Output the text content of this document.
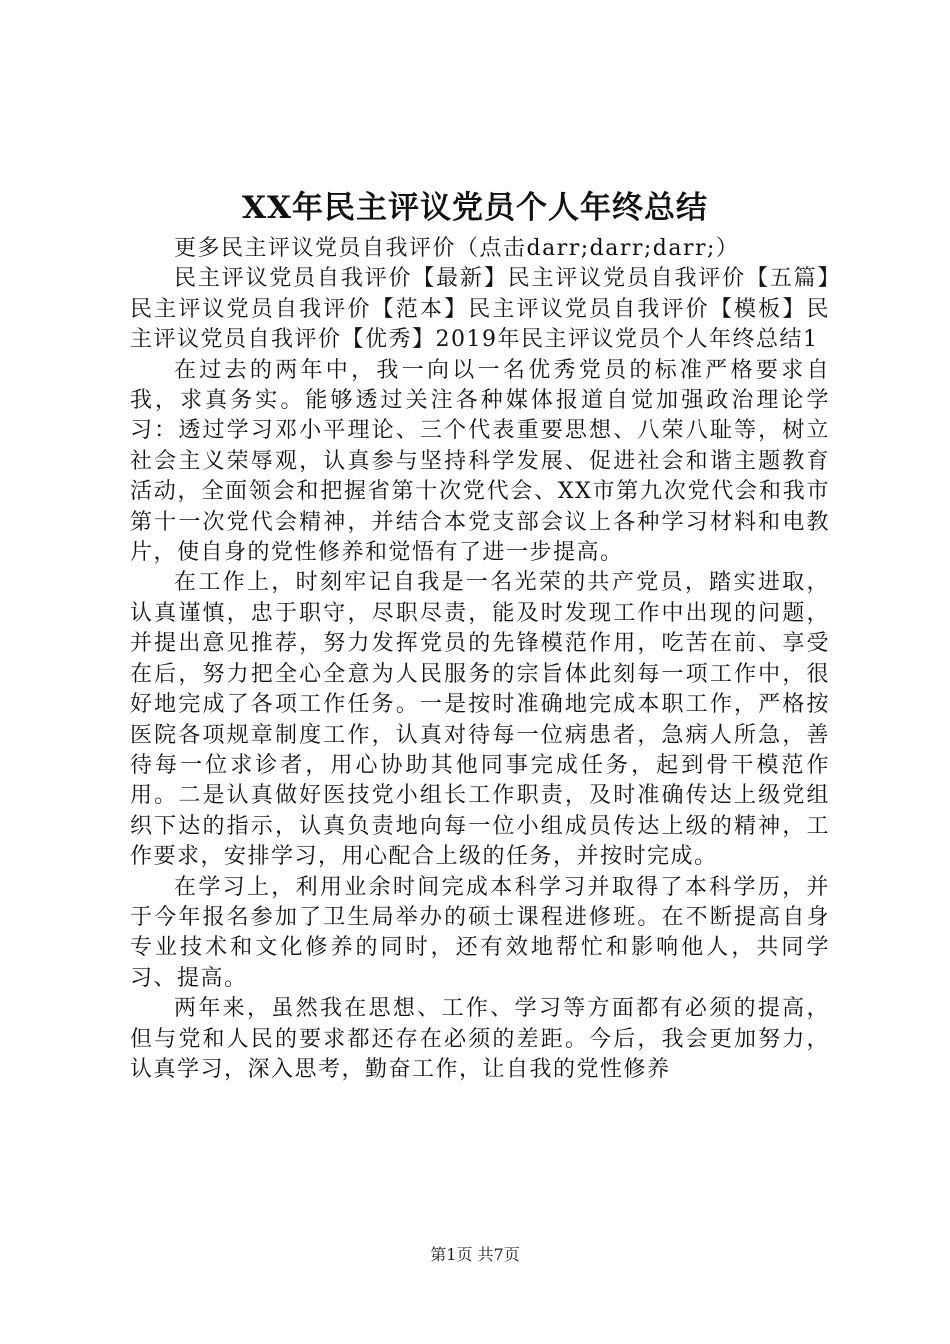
XX年民主评议党员个人年终总结

更多民主评议党员自我评价（点击darr;darr;darr;）

民主评议党员自我评价【最新】民主评议党员自我评价【五篇】民主评议党员自我评价【范本】民主评议党员自我评价【模板】民主评议党员自我评价【优秀】2019年民主评议党员个人年终总结1

在过去的两年中，我一向以一名优秀党员的标准严格要求自我，求真务实。能够透过关注各种媒体报道自觉加强政治理论学习：透过学习邓小平理论、三个代表重要思想、八荣八耻等，树立社会主义荣辱观，认真参与坚持科学发展、促进社会和谐主题教育活动，全面领会和把握省第十次党代会、XX市第九次党代会和我市第十一次党代会精神，并结合本党支部会议上各种学习材料和电教片，使自身的党性修养和觉悟有了进一步提高。

在工作上，时刻牢记自我是一名光荣的共产党员，踏实进取，认真谨慎，忠于职守，尽职尽责，能及时发现工作中出现的问题，并提出意见推荐，努力发挥党员的先锋模范作用，吃苦在前、享受在后，努力把全心全意为人民服务的宗旨体此刻每一项工作中，很好地完成了各项工作任务。一是按时准确地完成本职工作，严格按医院各项规章制度工作，认真对待每一位病患者，急病人所急，善待每一位求诊者，用心协助其他同事完成任务，起到骨干模范作用。二是认真做好医技党小组长工作职责，及时准确传达上级党组织下达的指示，认真负责地向每一位小组成员传达上级的精神，工作要求，安排学习，用心配合上级的任务，并按时完成。

在学习上，利用业余时间完成本科学习并取得了本科学历，并于今年报名参加了卫生局举办的硕士课程进修班。在不断提高自身专业技术和文化修养的同时，还有效地帮忙和影响他人，共同学习、提高。

两年来，虽然我在思想、工作、学习等方面都有必须的提高，但与党和人民的要求都还存在必须的差距。今后，我会更加努力，认真学习，深入思考，勤奋工作，让自我的党性修养

第1页 共7页
